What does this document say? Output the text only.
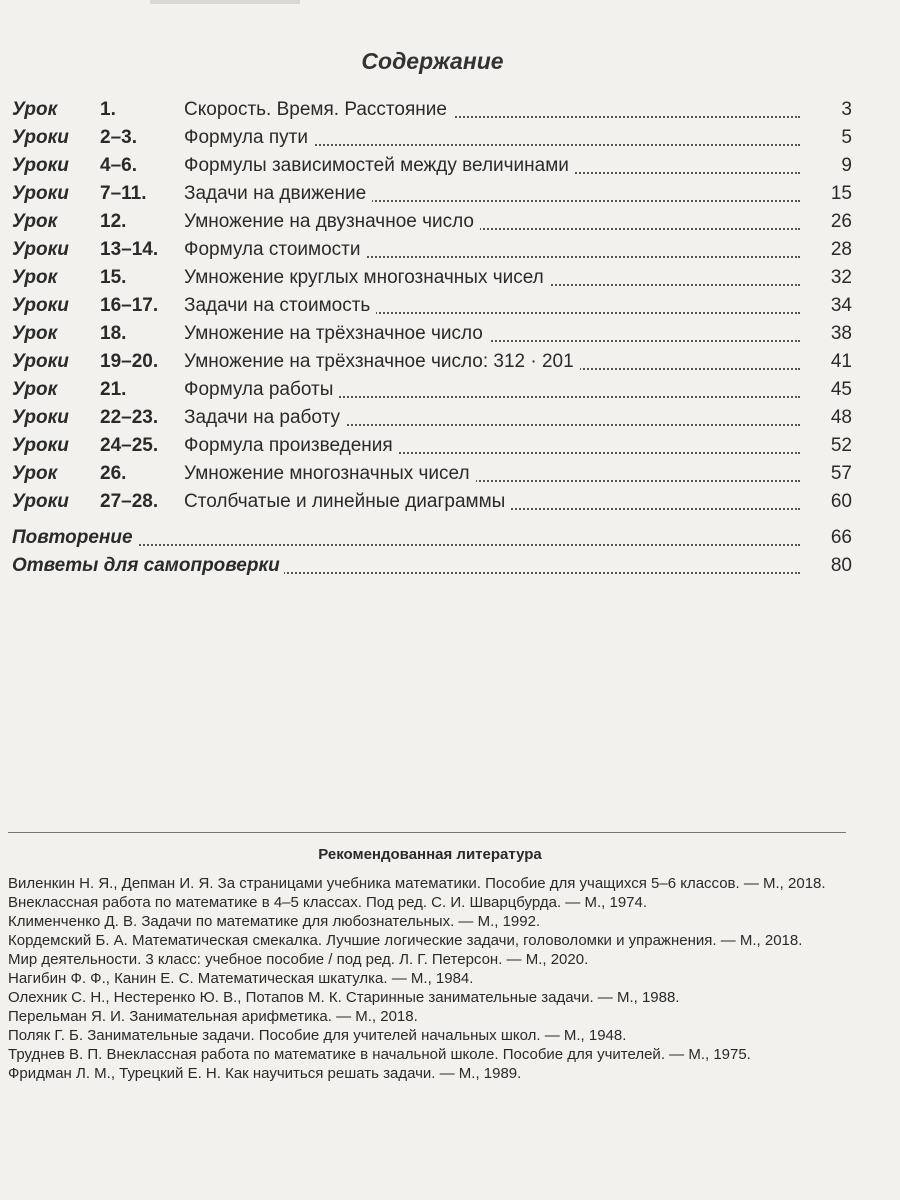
Содержание
Урок 1.	Скорость. Время. Расстояние	3
Уроки 2–3. Формула пути	5
Уроки 4–6. Формулы зависимостей между величинами	9
Уроки 7–11. Задачи на движение	15
Урок 12.	Умножение на двузначное число	26
Уроки 13–14. Формула стоимости	28
Урок 15.	Умножение круглых многозначных чисел	32
Уроки 16–17. Задачи на стоимость	34
Урок 18.	Умножение на трёхзначное число	38
Уроки 19–20. Умножение на трёхзначное число: 312 · 201	41
Урок 21.	Формула работы	45
Уроки 22–23. Задачи на работу	48
Уроки 24–25. Формула произведения	52
Урок 26.	Умножение многозначных чисел	57
Уроки 27–28. Столбчатые и линейные диаграммы	60
Повторение	66
Ответы для самопроверки	80
Рекомендованная литература
Виленкин Н. Я., Депман И. Я. За страницами учебника математики. Пособие для учащихся 5–6 классов. — М., 2018.
Внеклассная работа по математике в 4–5 классах. Под ред. С. И. Шварцбурда. — М., 1974.
Клименченко Д. В. Задачи по математике для любознательных. — М., 1992.
Кордемский Б. А. Математическая смекалка. Лучшие логические задачи, головоломки и упражнения. — М., 2018.
Мир деятельности. 3 класс: учебное пособие / под ред. Л. Г. Петерсон. — М., 2020.
Нагибин Ф. Ф., Канин Е. С. Математическая шкатулка. — М., 1984.
Олехник С. Н., Нестеренко Ю. В., Потапов М. К. Старинные занимательные задачи. — М., 1988.
Перельман Я. И. Занимательная арифметика. — М., 2018.
Поляк Г. Б. Занимательные задачи. Пособие для учителей начальных школ. — М., 1948.
Труднев В. П. Внеклассная работа по математике в начальной школе. Пособие для учителей. — М., 1975.
Фридман Л. М., Турецкий Е. Н. Как научиться решать задачи. — М., 1989.
